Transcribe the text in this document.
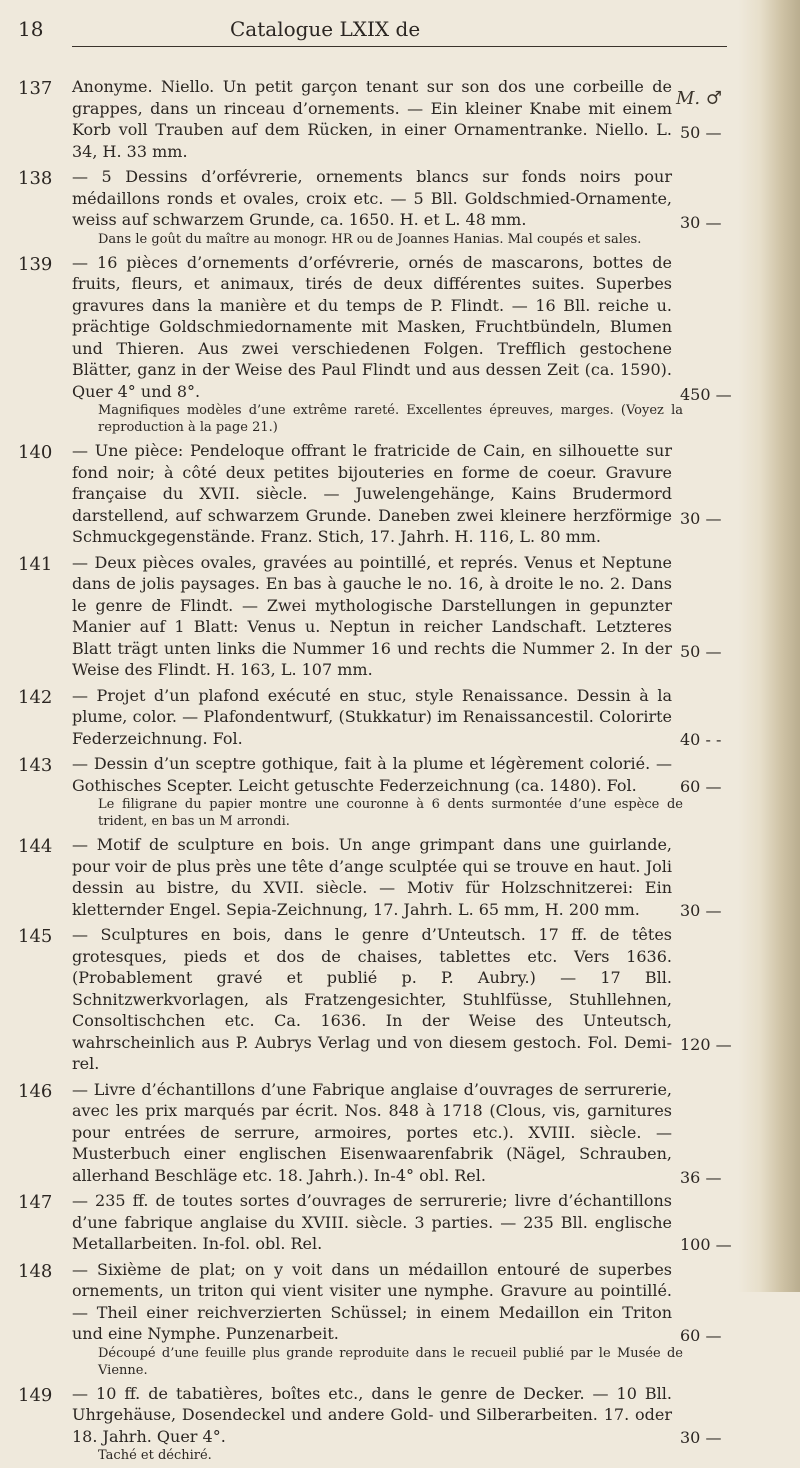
18	Catalogue LXIX de
M. ♂
137	Anonyme. Niello. Un petit garçon tenant sur son dos une corbeille de grappes, dans un rinceau d’ornements. — Ein kleiner Knabe mit einem Korb voll Trauben auf dem Rücken, in einer Ornamentranke. Niello. L. 34, H. 33 mm.
50 —
138	— 5 Dessins d’orfévrerie, ornements blancs sur fonds noirs pour médaillons ronds et ovales, croix etc. — 5 Bll. Goldschmied-Ornamente, weiss auf schwarzem Grunde, ca. 1650. H. et L. 48 mm.
Dans le goût du maître au monogr. HR ou de Joannes Hanias. Mal coupés et sales.
30 —
139	— 16 pièces d’ornements d’orfévrerie, ornés de mascarons, bottes de fruits, fleurs, et animaux, tirés de deux différentes suites. Superbes gravures dans la manière et du temps de P. Flindt. — 16 Bll. reiche u. prächtige Goldschmiedornamente mit Masken, Fruchtbündeln, Blumen und Thieren. Aus zwei verschiedenen Folgen. Trefflich gestochene Blätter, ganz in der Weise des Paul Flindt und aus dessen Zeit (ca. 1590). Quer 4° und 8°.
Magnifiques modèles d’une extrême rareté. Excellentes épreuves, marges. (Voyez la reproduction à la page 21.)
450 —
140	— Une pièce: Pendeloque offrant le fratricide de Cain, en silhouette sur fond noir; à côté deux petites bijouteries en forme de coeur. Gravure française du XVII. siècle. — Juwelengehänge, Kains Brudermord darstellend, auf schwarzem Grunde. Daneben zwei kleinere herzförmige Schmuckgegenstände. Franz. Stich, 17. Jahrh. H. 116, L. 80 mm.
30 —
141	— Deux pièces ovales, gravées au pointillé, et représ. Venus et Neptune dans de jolis paysages. En bas à gauche le no. 16, à droite le no. 2. Dans le genre de Flindt. — Zwei mythologische Darstellungen in gepunzter Manier auf 1 Blatt: Venus u. Neptun in reicher Landschaft. Letzteres Blatt trägt unten links die Nummer 16 und rechts die Nummer 2. In der Weise des Flindt. H. 163, L. 107 mm.
50 —
142	— Projet d’un plafond exécuté en stuc, style Renaissance. Dessin à la plume, color. — Plafondentwurf, (Stukkatur) im Renaissancestil. Colorirte Federzeichnung. Fol.	40 - -
143	— Dessin d’un sceptre gothique, fait à la plume et légèrement colorié. — Gothisches Scepter. Leicht getuschte Federzeichnung (ca. 1480). Fol.
Le filigrane du papier montre une couronne à 6 dents surmontée d’une espèce de trident, en bas un M arrondi.
60 —
144	— Motif de sculpture en bois. Un ange grimpant dans une guirlande, pour voir de plus près une tête d’ange sculptée qui se trouve en haut. Joli dessin au bistre, du XVII. siècle. — Motiv für Holzschnitzerei: Ein kletternder Engel. Sepia-Zeichnung, 17. Jahrh. L. 65 mm, H. 200 mm.	30 —
145	— Sculptures en bois, dans le genre d’Unteutsch. 17 ff. de têtes grotesques, pieds et dos de chaises, tablettes etc. Vers 1636. (Probablement gravé et publié p. P. Aubry.) — 17 Bll. Schnitzwerkvorlagen, als Fratzengesichter, Stuhlfüsse, Stuhllehnen, Consoltischchen etc. Ca. 1636. In der Weise des Unteutsch, wahrscheinlich aus P. Aubrys Verlag und von diesem gestoch. Fol. Demi-rel.
120 —
146	— Livre d’échantillons d’une Fabrique anglaise d’ouvrages de serrurerie, avec les prix marqués par écrit. Nos. 848 à 1718 (Clous, vis, garnitures pour entrées de serrure, armoires, portes etc.). XVIII. siècle. — Musterbuch einer englischen Eisenwaarenfabrik (Nägel, Schrauben, allerhand Beschläge etc. 18. Jahrh.). In-4° obl. Rel.	36 —
147	— 235 ff. de toutes sortes d’ouvrages de serrurerie; livre d’échantillons d’une fabrique anglaise du XVIII. siècle. 3 parties. — 235 Bll. englische Metallarbeiten. In-fol. obl. Rel.	100 —
148	— Sixième de plat; on y voit dans un médaillon entouré de superbes ornements, un triton qui vient visiter une nymphe. Gravure au pointillé. — Theil einer reichverzierten Schüssel; in einem Medaillon ein Triton und eine Nymphe. Punzenarbeit.
Découpé d’une feuille plus grande reproduite dans le recueil publié par le Musée de Vienne.
60 —
149	— 10 ff. de tabatières, boîtes etc., dans le genre de Decker. — 10 Bll. Uhrgehäuse, Dosendeckel und andere Gold- und Silberarbeiten. 17. oder 18. Jahrh. Quer 4°.
Taché et déchiré.
30 —
